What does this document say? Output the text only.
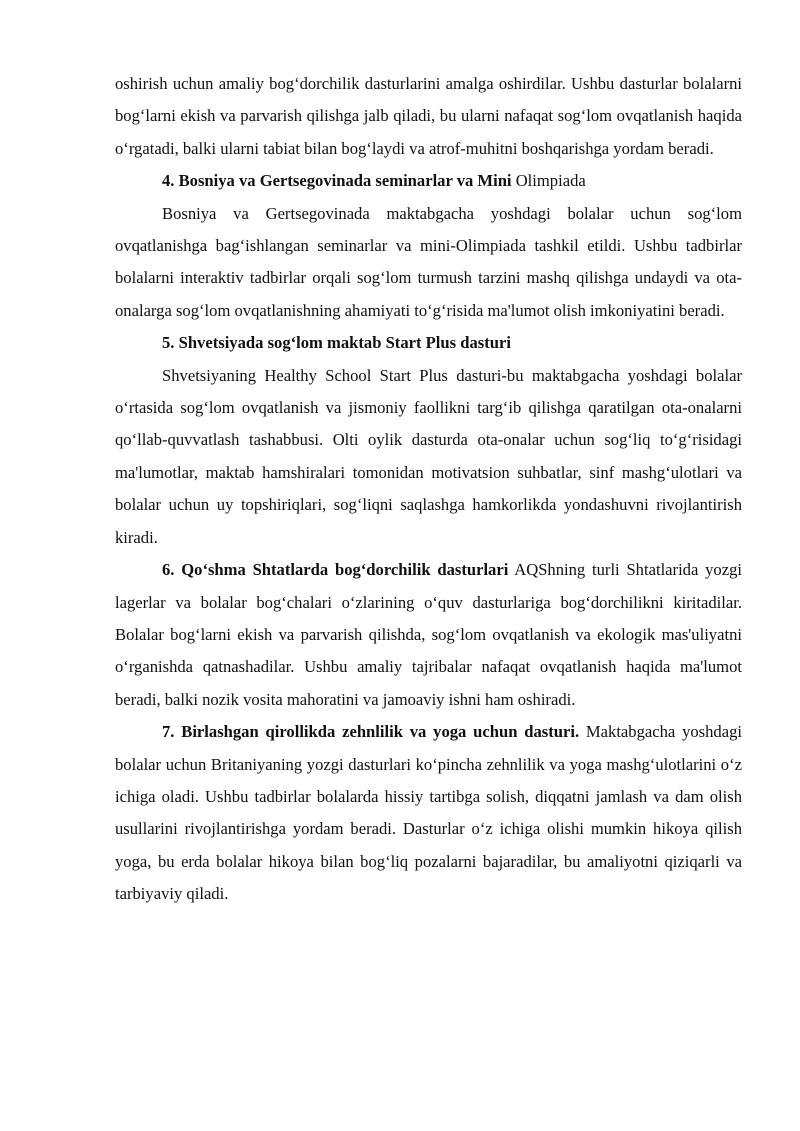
oshirish uchun amaliy bog‘dorchilik dasturlarini amalga oshirdilar. Ushbu dasturlar bolalarni bog‘larni ekish va parvarish qilishga jalb qiladi, bu ularni nafaqat sog‘lom ovqatlanish haqida o‘rgatadi, balki ularni tabiat bilan bog‘laydi va atrof-muhitni boshqarishga yordam beradi.

4. Bosniya va Gertsegovinada seminarlar va Mini Olimpiada

Bosniya va Gertsegovinada maktabgacha yoshdagi bolalar uchun sog‘lom ovqatlanishga bag‘ishlangan seminarlar va mini-Olimpiada tashkil etildi. Ushbu tadbirlar bolalarni interaktiv tadbirlar orqali sog‘lom turmush tarzini mashq qilishga undaydi va ota-onalarga sog‘lom ovqatlanishning ahamiyati to‘g‘risida ma'lumot olish imkoniyatini beradi.

5. Shvetsiyada sog‘lom maktab Start Plus dasturi

Shvetsiyaning Healthy School Start Plus dasturi-bu maktabgacha yoshdagi bolalar o‘rtasida sog‘lom ovqatlanish va jismoniy faollikni targ‘ib qilishga qaratilgan ota-onalarni qo‘llab-quvvatlash tashabbusi. Olti oylik dasturda ota-onalar uchun sog‘liq to‘g‘risidagi ma'lumotlar, maktab hamshiralari tomonidan motivatsion suhbatlar, sinf mashg‘ulotlari va bolalar uchun uy topshiriqlari, sog‘liqni saqlashga hamkorlikda yondashuvni rivojlantirish kiradi.

6. Qo‘shma Shtatlarda bog‘dorchilik dasturlari AQShning turli Shtatlarida yozgi lagerlar va bolalar bog‘chalari o‘zlarining o‘quv dasturlariga bog‘dorchilikni kiritadilar. Bolalar bog‘larni ekish va parvarish qilishda, sog‘lom ovqatlanish va ekologik mas'uliyatni o‘rganishda qatnashadilar. Ushbu amaliy tajribalar nafaqat ovqatlanish haqida ma'lumot beradi, balki nozik vosita mahoratini va jamoaviy ishni ham oshiradi.

7. Birlashgan qirollikda zehnlilik va yoga uchun dasturi. Maktabgacha yoshdagi bolalar uchun Britaniyaning yozgi dasturlari ko‘pincha zehnlilik va yoga mashg‘ulotlarini o‘z ichiga oladi. Ushbu tadbirlar bolalarda hissiy tartibga solish, diqqatni jamlash va dam olish usullarini rivojlantirishga yordam beradi. Dasturlar o‘z ichiga olishi mumkin hikoya qilish yoga, bu erda bolalar hikoya bilan bog‘liq pozalarni bajaradilar, bu amaliyotni qiziqarli va tarbiyaviy qiladi.
